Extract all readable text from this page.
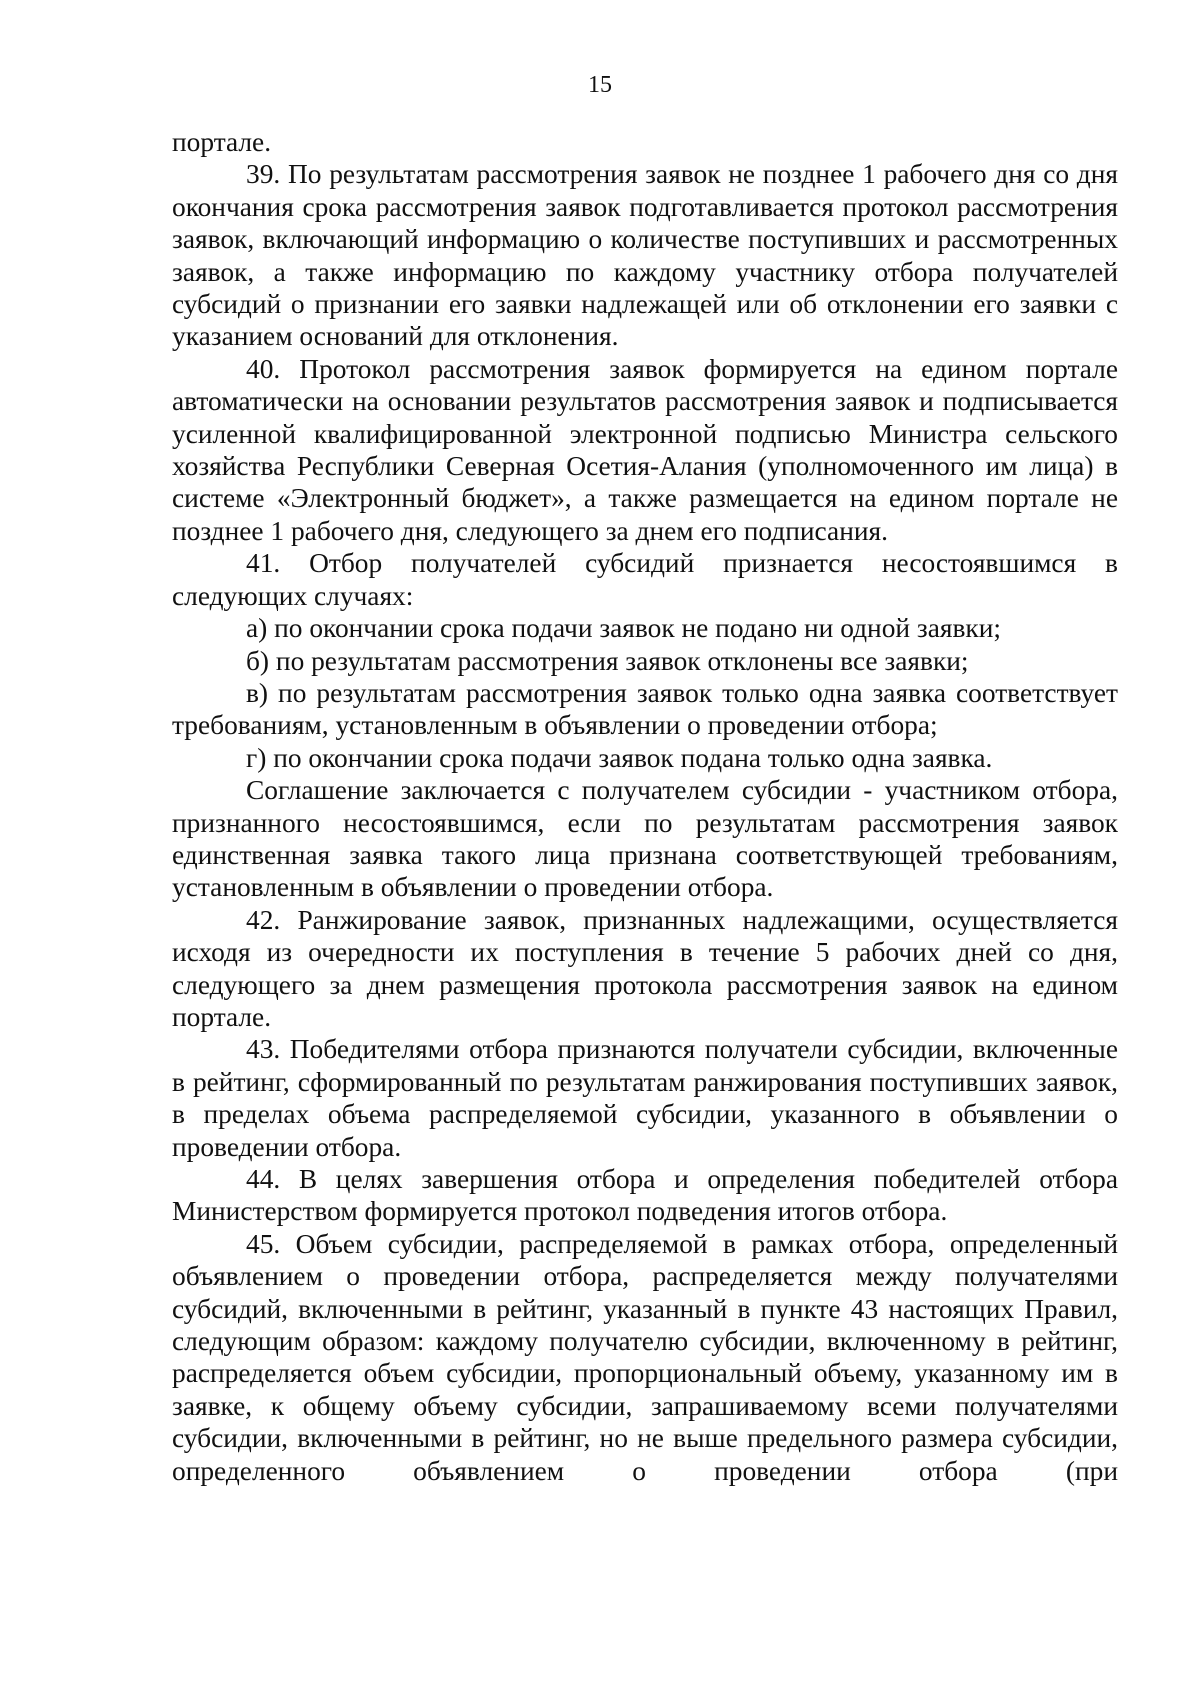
15

портале.

39. По результатам рассмотрения заявок не позднее 1 рабочего дня со дня окончания срока рассмотрения заявок подготавливается протокол рассмотрения заявок, включающий информацию о количестве поступивших и рассмотренных заявок, а также информацию по каждому участнику отбора получателей субсидий о признании его заявки надлежащей или об отклонении его заявки с указанием оснований для отклонения.

40. Протокол рассмотрения заявок формируется на едином портале автоматически на основании результатов рассмотрения заявок и подписывается усиленной квалифицированной электронной подписью Министра сельского хозяйства Республики Северная Осетия-Алания (уполномоченного им лица) в системе «Электронный бюджет», а также размещается на едином портале не позднее 1 рабочего дня, следующего за днем его подписания.

41. Отбор получателей субсидий признается несостоявшимся в следующих случаях:

а) по окончании срока подачи заявок не подано ни одной заявки;

б) по результатам рассмотрения заявок отклонены все заявки;

в) по результатам рассмотрения заявок только одна заявка соответствует требованиям, установленным в объявлении о проведении отбора;

г) по окончании срока подачи заявок подана только одна заявка.

Соглашение заключается с получателем субсидии - участником отбора, признанного несостоявшимся, если по результатам рассмотрения заявок единственная заявка такого лица признана соответствующей требованиям, установленным в объявлении о проведении отбора.

42. Ранжирование заявок, признанных надлежащими, осуществляется исходя из очередности их поступления в течение 5 рабочих дней со дня, следующего за днем размещения протокола рассмотрения заявок на едином портале.

43. Победителями отбора признаются получатели субсидии, включенные в рейтинг, сформированный по результатам ранжирования поступивших заявок, в пределах объема распределяемой субсидии, указанного в объявлении о проведении отбора.

44. В целях завершения отбора и определения победителей отбора Министерством формируется протокол подведения итогов отбора.

45. Объем субсидии, распределяемой в рамках отбора, определенный объявлением о проведении отбора, распределяется между получателями субсидий, включенными в рейтинг, указанный в пункте 43 настоящих Правил, следующим образом: каждому получателю субсидии, включенному в рейтинг, распределяется объем субсидии, пропорциональный объему, указанному им в заявке, к общему объему субсидии, запрашиваемому всеми получателями субсидии, включенными в рейтинг, но не выше предельного размера субсидии, определенного объявлением о проведении отбора (при
